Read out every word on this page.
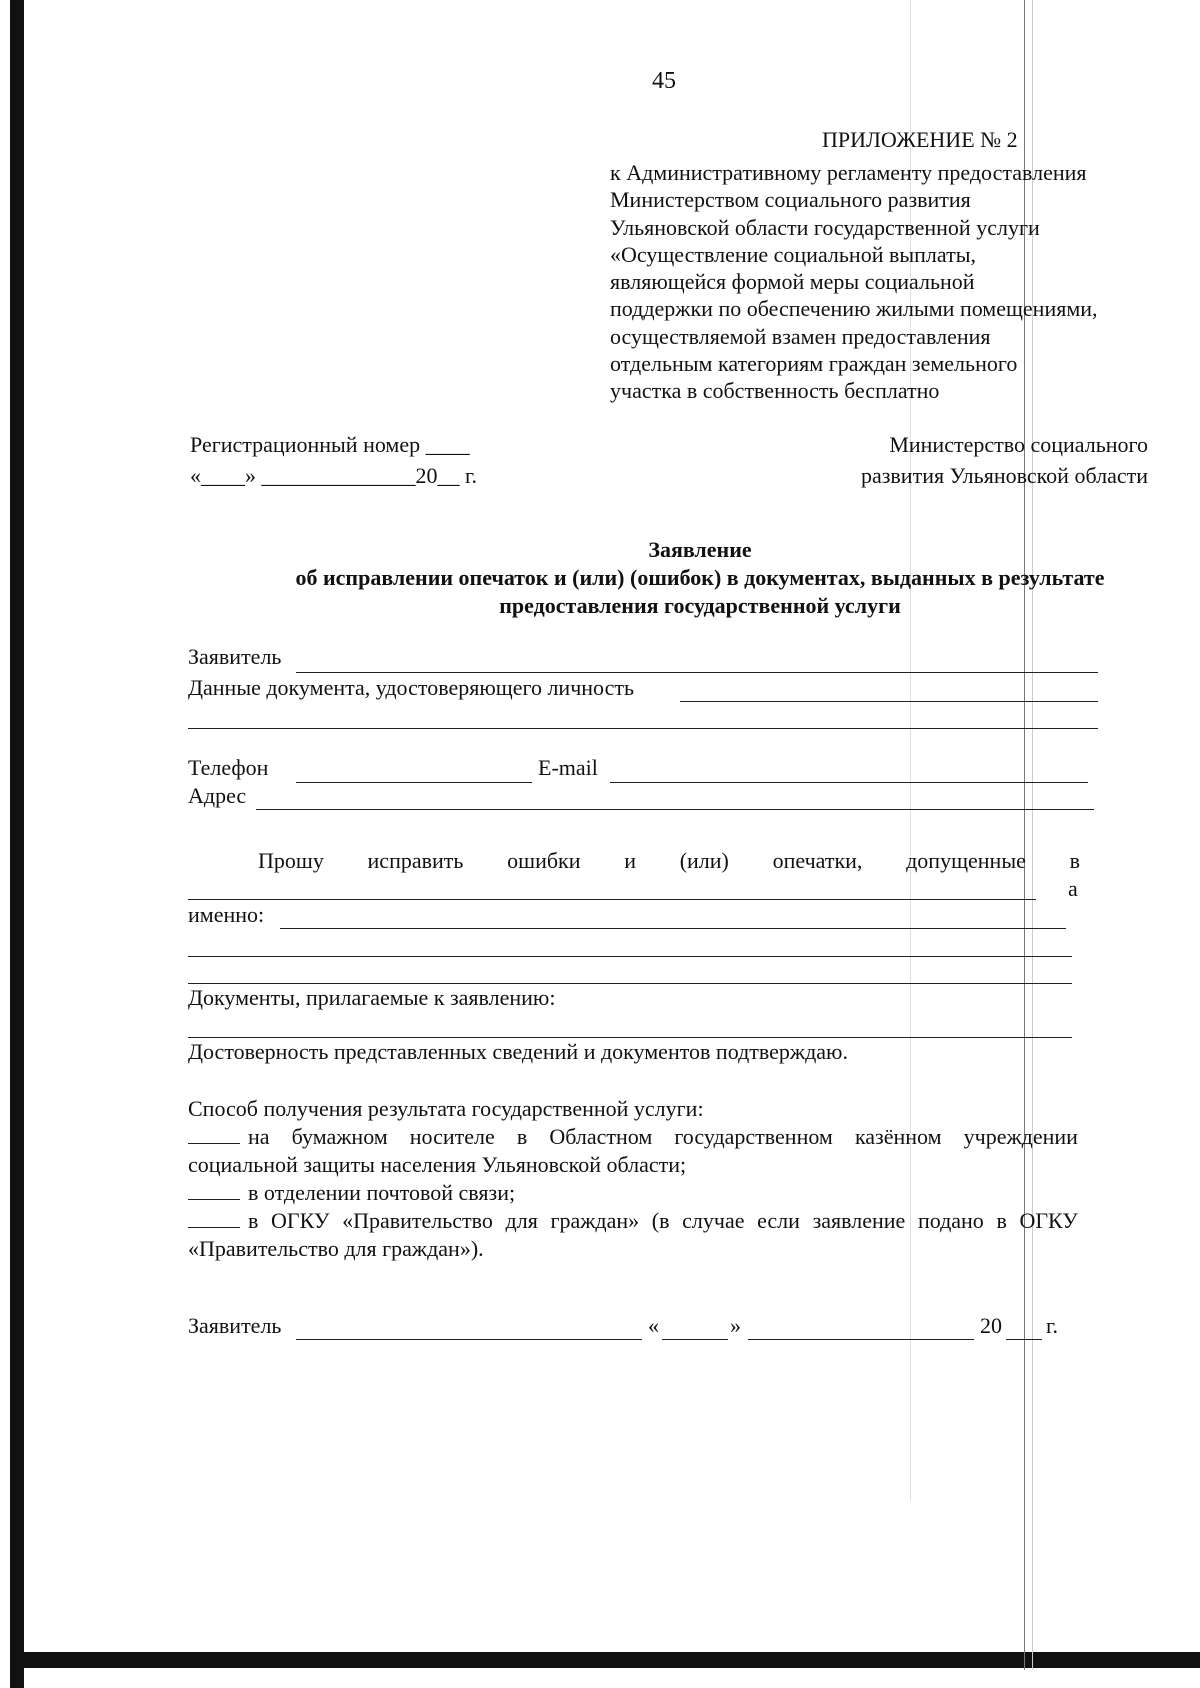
45
ПРИЛОЖЕНИЕ № 2
к Административному регламенту предоставления
Министерством социального развития
Ульяновской области государственной услуги
«Осуществление социальной выплаты,
являющейся формой меры социальной
поддержки по обеспечению жилыми помещениями,
осуществляемой взамен предоставления
отдельным категориям граждан земельного
участка в собственность бесплатно
Регистрационный номер ____
«____» ______________20__ г.
Министерство социального
развития Ульяновской области
Заявление
об исправлении опечаток и (или) (ошибок) в документах, выданных в результате
предоставления государственной услуги
Заявитель
Данные документа, удостоверяющего личность
Телефон	E-mail
Адрес
Прошу исправить ошибки и (или) опечатки, допущенные в
а
именно:
Документы, прилагаемые к заявлению:
Достоверность представленных сведений и документов подтверждаю.
Способ получения результата государственной услуги:
на бумажном носителе в Областном государственном казённом учреждении
социальной защиты населения Ульяновской области;
в отделении почтовой связи;
в ОГКУ «Правительство для граждан» (в случае если заявление подано в ОГКУ
«Правительство для граждан»).
Заявитель	«	»	20 г.
